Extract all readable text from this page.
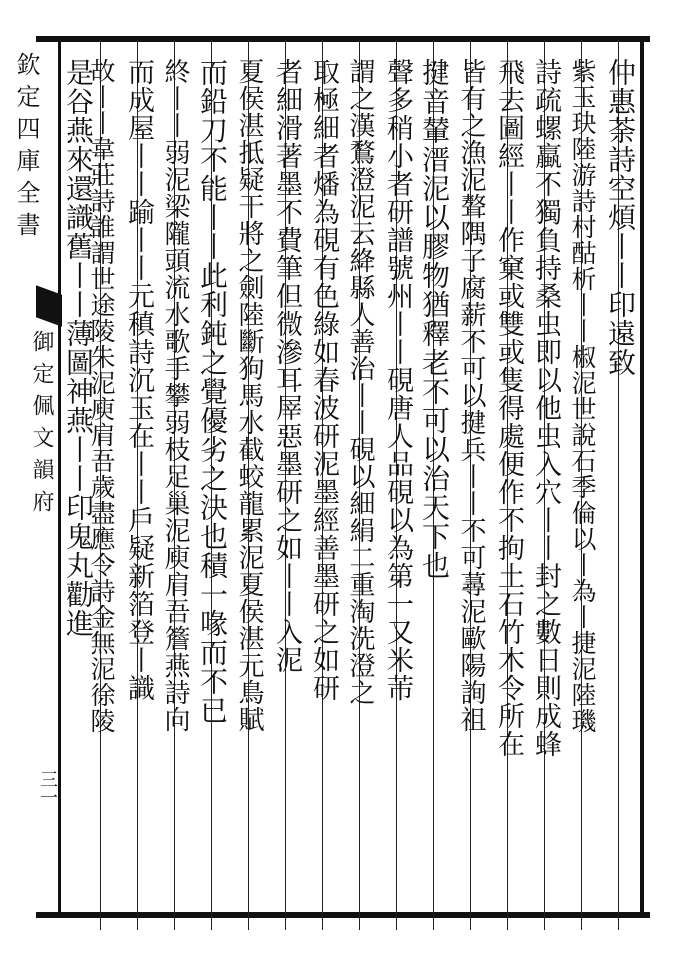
欽定四庫全書
御定佩文韻府
三一
仲惠荼詩空煩丨丨印遠致
紫玉玦陸游詩村酤析丨丨椒泥世說石季倫以丨為丨捷泥陸璣
詩疏螺蠃不獨負持桑虫即以他虫入穴丨丨封之數日則成蜂
飛去圖經丨丨作窠或雙或隻得處便作不拘土石竹木令所在
皆有之漁泥聱隅子腐薪不可以揵兵丨丨不可蕁泥歐陽詢祖
揵音輦溍泥以膠物猶釋老不可以治天下也
聲多稍小者研譜號州丨丨硯唐人品硯以為第一又米芾
謂之漢鶩澄泥云絳縣人善治丨丨硯以細絹二重淘洗澄之
取極細者燔為硯有色綠如春波研泥墨經善墨研之如研
者細滑著墨不費筆但微滲耳屖惡墨研之如丨丨入泥
夏侯湛抵疑干將之劍陸斷狗馬水截蛟龍累泥夏侯湛元鳥賦
而鉛刀不能丨丨此利鈍之覺優劣之決也積一喙而不已
終丨丨弱泥梁隴頭流水歌手攀弱枝足巢泥庾肩吾簷燕詩向
而成屋丨丨踰丨丨元稹詩沉玉在丨丨戶疑新箔登丨識
故丨丨韋莊詩誰謂世途陵朱泥庾肩吾歲盡應令詩金無泥徐陵
是谷燕來還識舊丨丨薄圖神燕丨丨印鬼丸勸進
